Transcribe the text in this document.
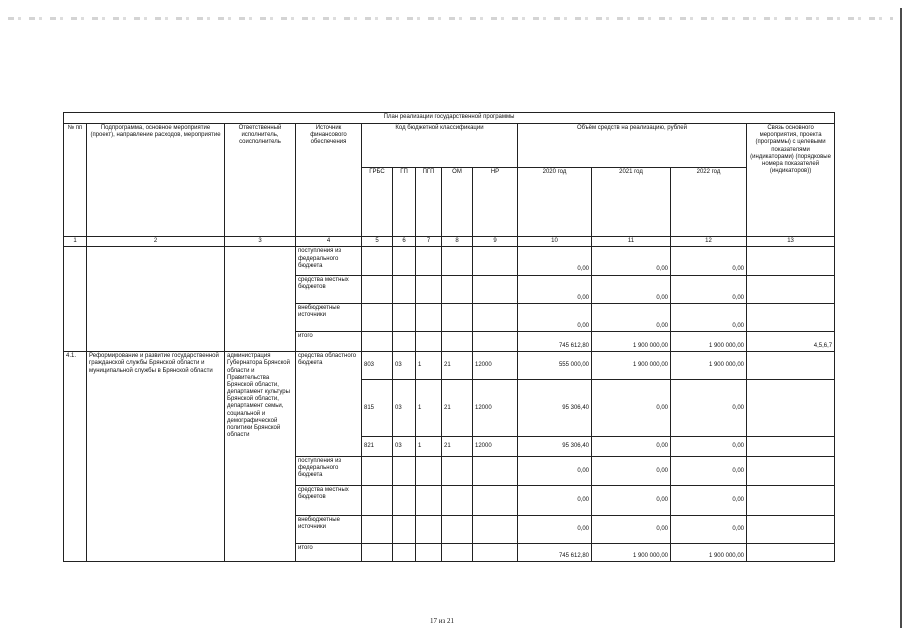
План реализации государственной программы												
№ пп	Подпрограмма, основное мероприятие (проект), направление расходов, мероприятие	Ответственный исполнитель, соисполнитель	Источник финансового обеспечения	Код бюджетной классификации					Объём средств на реализацию, рублей			Связь основного мероприятия, проекта (программы) с целевыми показателями (индикаторами) (порядковые номера показателей (индикаторов))
				ГРБС	ГП	ПГП	ОМ	НР	2020 год	2021 год	2022 год	
1	2	3	4	5	6	7	8	9	10	11	12	13
			поступления из федерального бюджета						0,00	0,00	0,00	
			средства местных бюджетов						0,00	0,00	0,00	
			внебюджетные источники						0,00	0,00	0,00	
			итого						745 612,80	1 900 000,00	1 900 000,00	4,5,6,7
4.1.	Реформирование и развитие государственной гражданской службы Брянской области и муниципальной службы в Брянской области	администрация Губернатора Брянской области и Правительства Брянской области, департамент культуры Брянской области, департамент семьи, социальной и демографической политики Брянской области	средства областного бюджета	803	03	1	21	12000	555 000,00	1 900 000,00	1 900 000,00	
				815	03	1	21	12000	95 306,40	0,00	0,00	
				821	03	1	21	12000	95 306,40	0,00	0,00	
			поступления из федерального бюджета						0,00	0,00	0,00	
			средства местных бюджетов						0,00	0,00	0,00	
			внебюджетные источники						0,00	0,00	0,00	
			итого						745 612,80	1 900 000,00	1 900 000,00	
17 из 21
